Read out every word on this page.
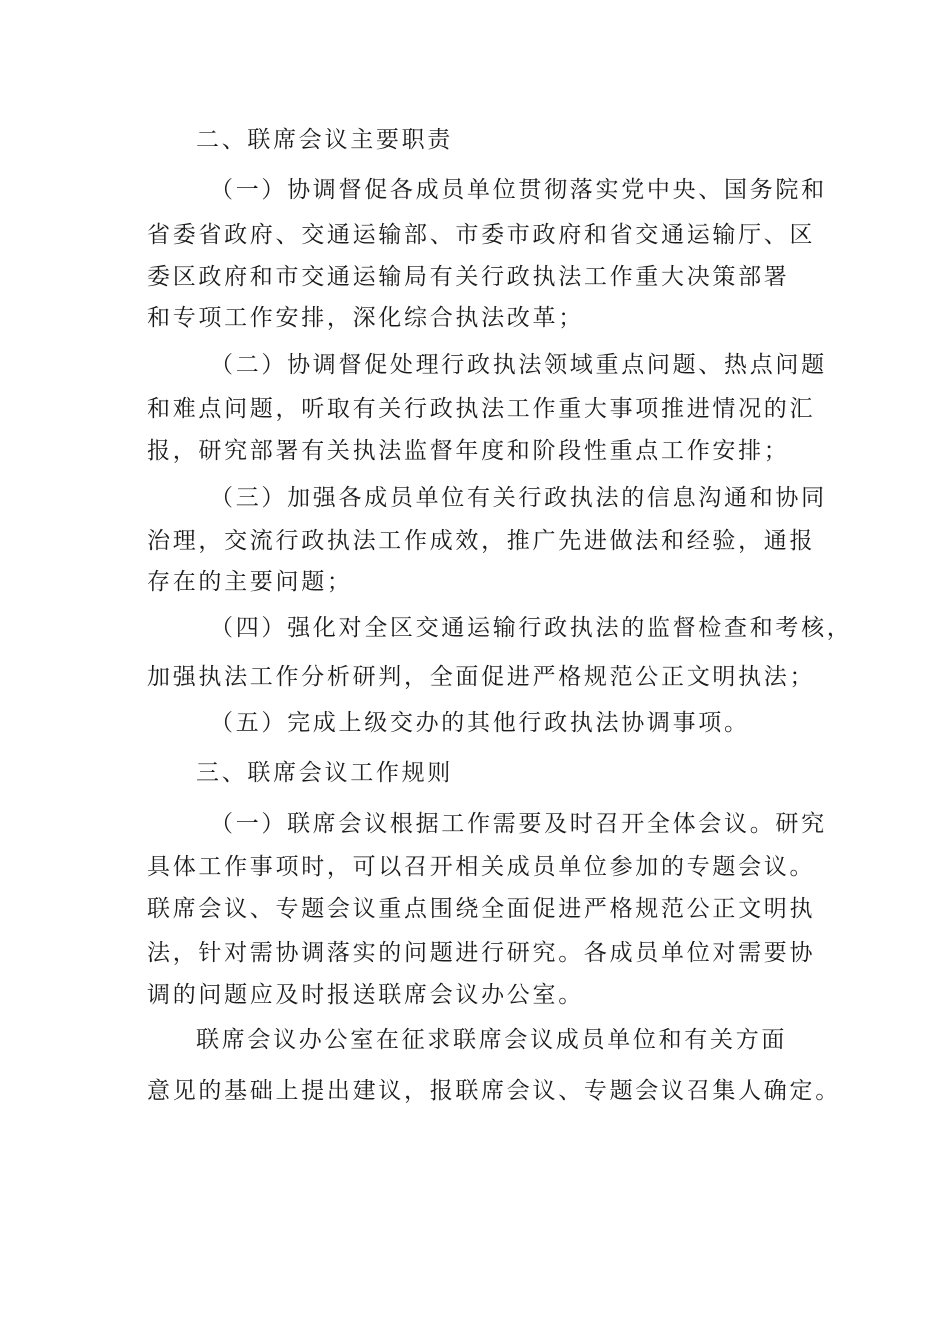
二、联席会议主要职责
（一）协调督促各成员单位贯彻落实党中央、国务院和
省委省政府、交通运输部、市委市政府和省交通运输厅、区
委区政府和市交通运输局有关行政执法工作重大决策部署
和专项工作安排，深化综合执法改革；
（二）协调督促处理行政执法领域重点问题、热点问题
和难点问题，听取有关行政执法工作重大事项推进情况的汇
报，研究部署有关执法监督年度和阶段性重点工作安排；
（三）加强各成员单位有关行政执法的信息沟通和协同
治理，交流行政执法工作成效，推广先进做法和经验，通报
存在的主要问题；
（四）强化对全区交通运输行政执法的监督检查和考核，
加强执法工作分析研判，全面促进严格规范公正文明执法；
（五）完成上级交办的其他行政执法协调事项。
三、联席会议工作规则
（一）联席会议根据工作需要及时召开全体会议。研究
具体工作事项时，可以召开相关成员单位参加的专题会议。
联席会议、专题会议重点围绕全面促进严格规范公正文明执
法，针对需协调落实的问题进行研究。各成员单位对需要协
调的问题应及时报送联席会议办公室。
联席会议办公室在征求联席会议成员单位和有关方面
意见的基础上提出建议，报联席会议、专题会议召集人确定。
